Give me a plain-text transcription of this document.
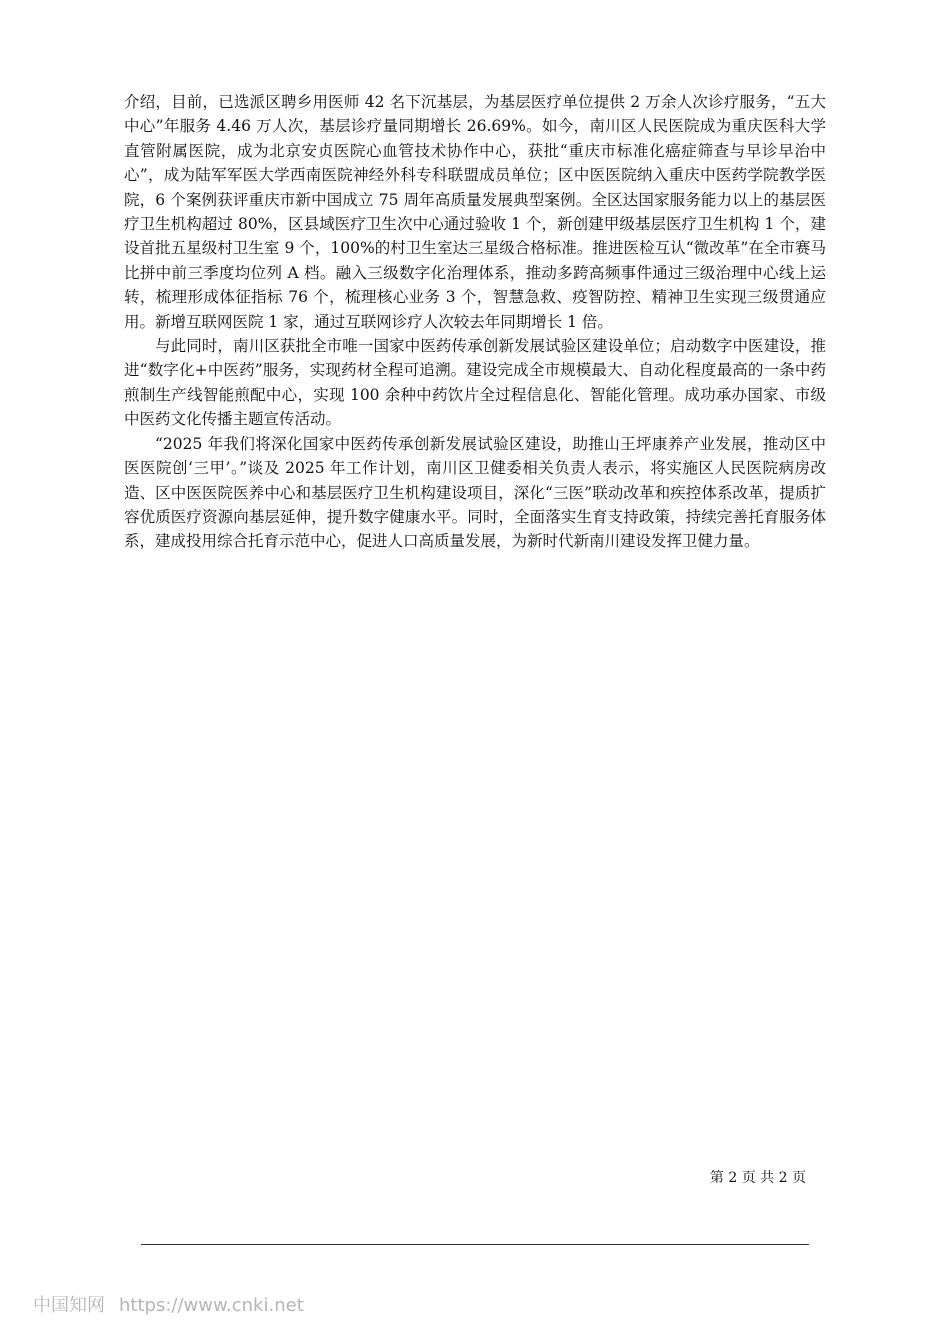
介绍，目前，已选派区聘乡用医师 42 名下沉基层，为基层医疗单位提供 2 万余人次诊疗服务，“五大中心”年服务 4.46 万人次，基层诊疗量同期增长 26.69%。如今，南川区人民医院成为重庆医科大学直管附属医院，成为北京安贞医院心血管技术协作中心，获批“重庆市标准化癌症筛查与早诊早治中心”，成为陆军军医大学西南医院神经外科专科联盟成员单位；区中医医院纳入重庆中医药学院教学医院，6 个案例获评重庆市新中国成立 75 周年高质量发展典型案例。全区达国家服务能力以上的基层医疗卫生机构超过 80%，区县域医疗卫生次中心通过验收 1 个，新创建甲级基层医疗卫生机构 1 个，建设首批五星级村卫生室 9 个，100%的村卫生室达三星级合格标准。推进医检互认“微改革”在全市赛马比拼中前三季度均位列 A 档。融入三级数字化治理体系，推动多跨高频事件通过三级治理中心线上运转，梳理形成体征指标 76 个，梳理核心业务 3 个，智慧急救、疫智防控、精神卫生实现三级贯通应用。新增互联网医院 1 家，通过互联网诊疗人次较去年同期增长 1 倍。

与此同时，南川区获批全市唯一国家中医药传承创新发展试验区建设单位；启动数字中医建设，推进“数字化+中医药”服务，实现药材全程可追溯。建设完成全市规模最大、自动化程度最高的一条中药煎制生产线智能煎配中心，实现 100 余种中药饮片全过程信息化、智能化管理。成功承办国家、市级中医药文化传播主题宣传活动。

“2025 年我们将深化国家中医药传承创新发展试验区建设，助推山王坪康养产业发展，推动区中医医院创‘三甲’。”谈及 2025 年工作计划，南川区卫健委相关负责人表示，将实施区人民医院病房改造、区中医医院医养中心和基层医疗卫生机构建设项目，深化“三医”联动改革和疾控体系改革，提质扩容优质医疗资源向基层延伸，提升数字健康水平。同时，全面落实生育支持政策，持续完善托育服务体系，建成投用综合托育示范中心，促进人口高质量发展，为新时代新南川建设发挥卫健力量。

第 2 页 共 2 页
中国知网 https://www.cnki.net
